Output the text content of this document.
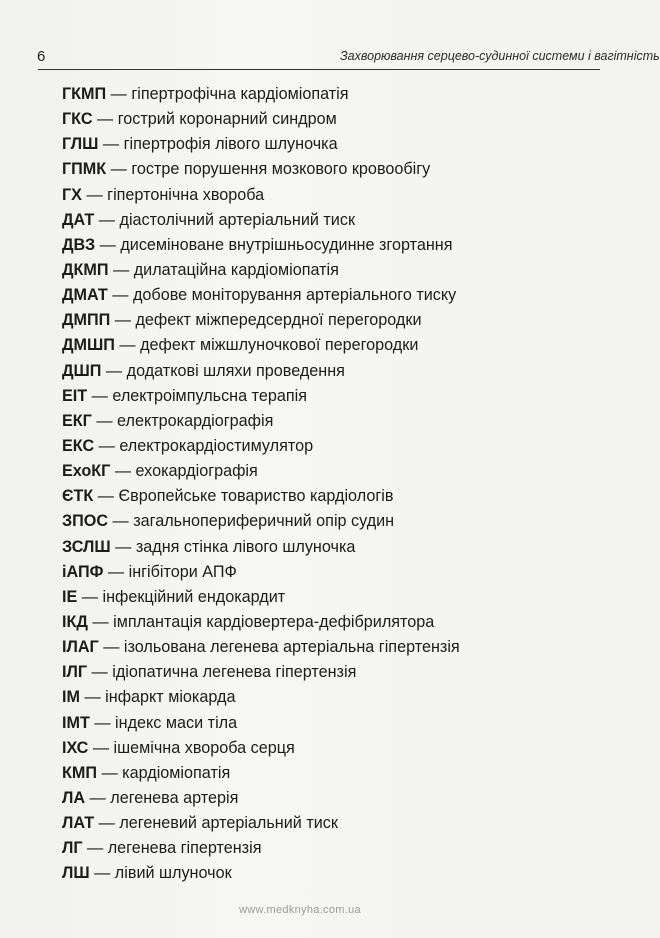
6	Захворювання серцево-судинної системи і вагітність
ГКМП — гіпертрофічна кардіоміопатія
ГКС — гострий коронарний синдром
ГЛШ — гіпертрофія лівого шлуночка
ГПМК — гостре порушення мозкового кровообігу
ГХ — гіпертонічна хвороба
ДАТ — діастолічний артеріальний тиск
ДВЗ — дисеміноване внутрішньосудинне згортання
ДКМП — дилатаційна кардіоміопатія
ДМАТ — добове моніторування артеріального тиску
ДМПП — дефект міжпередсердної перегородки
ДМШП — дефект міжшлуночкової перегородки
ДШП — додаткові шляхи проведення
ЕІТ — електроімпульсна терапія
ЕКГ — електрокардіографія
ЕКС — електрокардіостимулятор
ЕхоКГ — ехокардіографія
ЄТК — Європейське товариство кардіологів
ЗПОС — загальнопериферичний опір судин
ЗСЛШ — задня стінка лівого шлуночка
іАПФ — інгібітори АПФ
ІЕ — інфекційний ендокардит
ІКД — імплантація кардіовертера-дефібрилятора
ІЛАГ — ізольована легенева артеріальна гіпертензія
ІЛГ — ідіопатична легенева гіпертензія
ІМ — інфаркт міокарда
ІМТ — індекс маси тіла
ІХС — ішемічна хвороба серця
КМП — кардіоміопатія
ЛА — легенева артерія
ЛАТ — легеневий артеріальний тиск
ЛГ — легенева гіпертензія
ЛШ — лівий шлуночок
www.medknyha.com.ua
